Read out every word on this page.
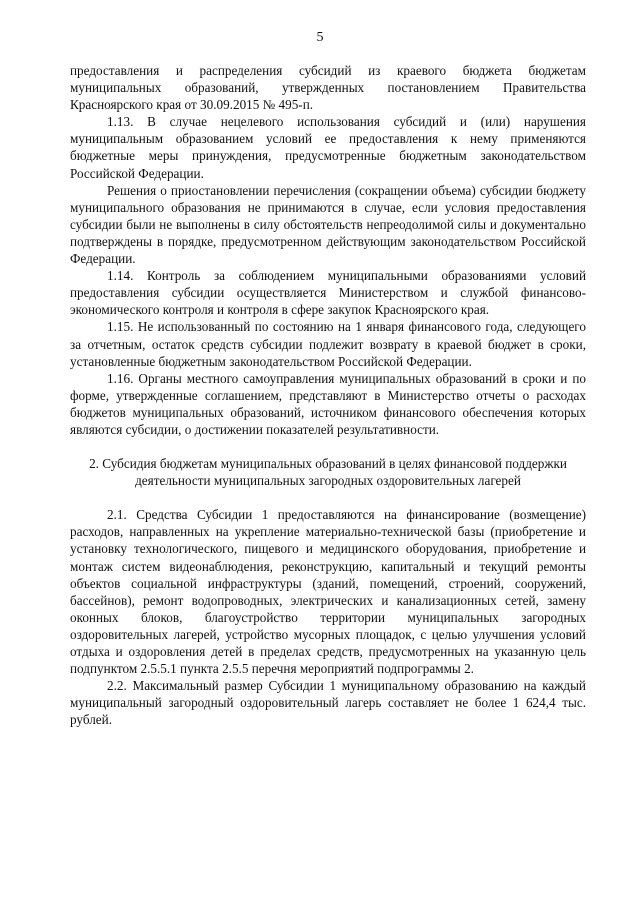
5

предоставления и распределения субсидий из краевого бюджета бюджетам муниципальных образований, утвержденных постановлением Правительства Красноярского края от 30.09.2015 № 495-п.

1.13. В случае нецелевого использования субсидий и (или) нарушения муниципальным образованием условий ее предоставления к нему применяются бюджетные меры принуждения, предусмотренные бюджетным законодательством Российской Федерации.

Решения о приостановлении перечисления (сокращении объема) субсидии бюджету муниципального образования не принимаются в случае, если условия предоставления субсидии были не выполнены в силу обстоятельств непреодолимой силы и документально подтверждены в порядке, предусмотренном действующим законодательством Российской Федерации.

1.14. Контроль за соблюдением муниципальными образованиями условий предоставления субсидии осуществляется Министерством и службой финансово-экономического контроля и контроля в сфере закупок Красноярского края.

1.15. Не использованный по состоянию на 1 января финансового года, следующего за отчетным, остаток средств субсидии подлежит возврату в краевой бюджет в сроки, установленные бюджетным законодательством Российской Федерации.

1.16. Органы местного самоуправления муниципальных образований в сроки и по форме, утвержденные соглашением, представляют в Министерство отчеты о расходах бюджетов муниципальных образований, источником финансового обеспечения которых являются субсидии, о достижении показателей результативности.

2. Субсидия бюджетам муниципальных образований в целях финансовой поддержки деятельности муниципальных загородных оздоровительных лагерей

2.1. Средства Субсидии 1 предоставляются на финансирование (возмещение) расходов, направленных на укрепление материально-технической базы (приобретение и установку технологического, пищевого и медицинского оборудования, приобретение и монтаж систем видеонаблюдения, реконструкцию, капитальный и текущий ремонты объектов социальной инфраструктуры (зданий, помещений, строений, сооружений, бассейнов), ремонт водопроводных, электрических и канализационных сетей, замену оконных блоков, благоустройство территории муниципальных загородных оздоровительных лагерей, устройство мусорных площадок, с целью улучшения условий отдыха и оздоровления детей в пределах средств, предусмотренных на указанную цель подпунктом 2.5.5.1 пункта 2.5.5 перечня мероприятий подпрограммы 2.

2.2. Максимальный размер Субсидии 1 муниципальному образованию на каждый муниципальный загородный оздоровительный лагерь составляет не более 1 624,4 тыс. рублей.
